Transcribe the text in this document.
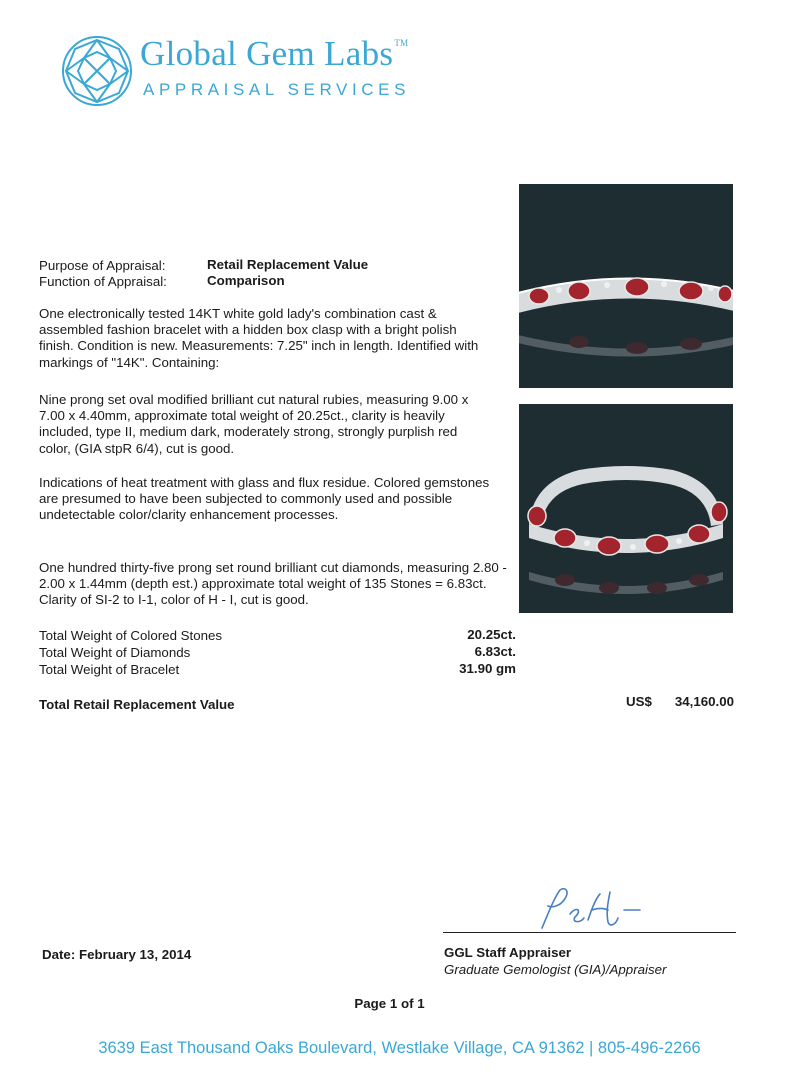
Global Gem Labs™
APPRAISAL SERVICES
Purpose of Appraisal:	Retail Replacement Value
Function of Appraisal:	Comparison

One electronically tested 14KT white gold lady's combination cast & assembled fashion bracelet with a hidden box clasp with a bright polish finish. Condition is new. Measurements: 7.25" inch in length. Identified with markings of "14K". Containing:

Nine prong set oval modified brilliant cut natural rubies, measuring 9.00 x 7.00 x 4.40mm, approximate total weight of 20.25ct., clarity is heavily included, type II, medium dark, moderately strong, strongly purplish red color, (GIA stpR 6/4), cut is good.

Indications of heat treatment with glass and flux residue. Colored gemstones are presumed to have been subjected to commonly used and possible undetectable color/clarity enhancement processes.

One hundred thirty-five prong set round brilliant cut diamonds, measuring 2.80 - 2.00 x 1.44mm (depth est.) approximate total weight of 135 Stones = 6.83ct. Clarity of SI-2 to I-1, color of H - I, cut is good.

Total Weight of Colored Stones	20.25ct.
Total Weight of Diamonds	6.83ct.
Total Weight of Bracelet	31.90 gm
Total Retail Replacement Value	US$ 34,160.00
Date: February 13, 2014	GGL Staff Appraiser
Graduate Gemologist (GIA)/Appraiser
Page 1 of 1
3639 East Thousand Oaks Boulevard, Westlake Village, CA 91362 | 805-496-2266
